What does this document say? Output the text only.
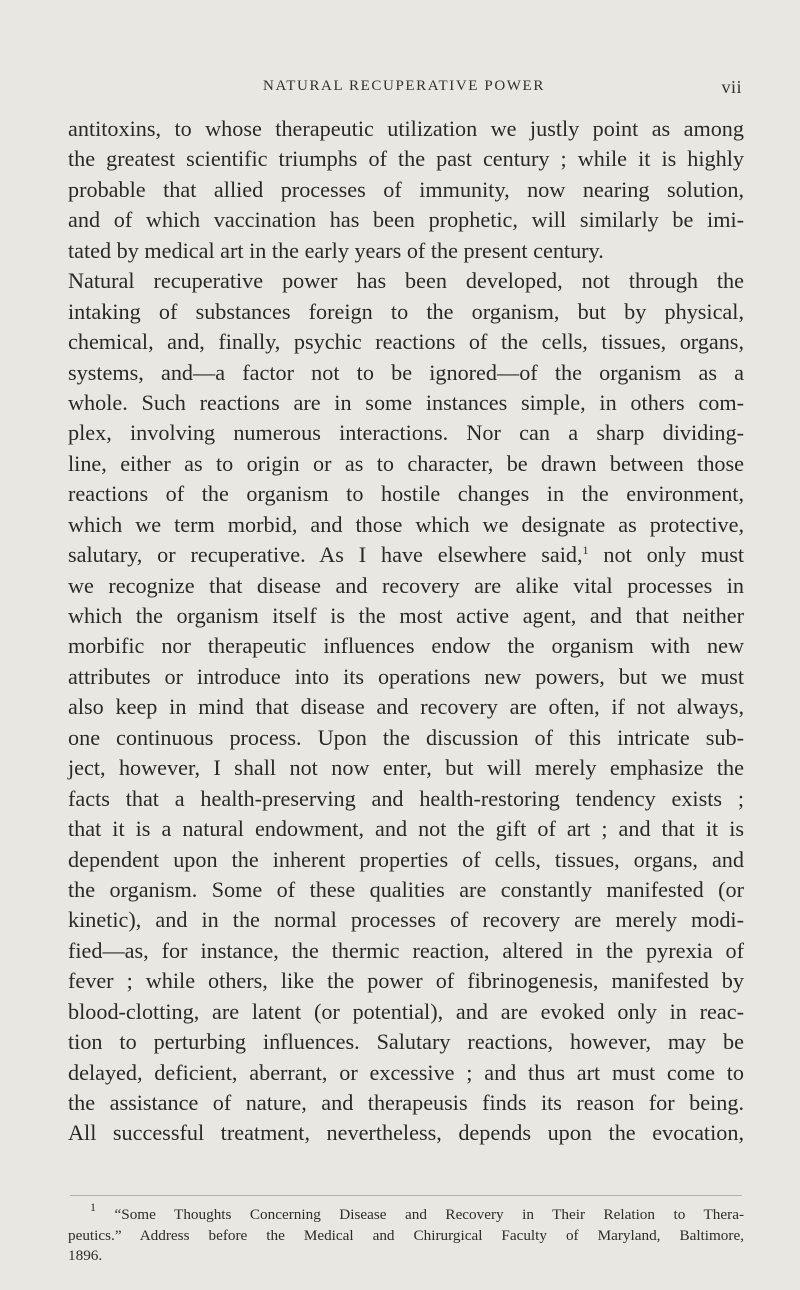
NATURAL RECUPERATIVE POWER	vii
antitoxins, to whose therapeutic utilization we justly point as among
the greatest scientific triumphs of the past century ; while it is highly
probable that allied processes of immunity, now nearing solution,
and of which vaccination has been prophetic, will similarly be imi-
tated by medical art in the early years of the present century.
Natural recuperative power has been developed, not through the
intaking of substances foreign to the organism, but by physical,
chemical, and, finally, psychic reactions of the cells, tissues, organs,
systems, and—a factor not to be ignored—of the organism as a
whole. Such reactions are in some instances simple, in others com-
plex, involving numerous interactions. Nor can a sharp dividing-
line, either as to origin or as to character, be drawn between those
reactions of the organism to hostile changes in the environment,
which we term morbid, and those which we designate as protective,
salutary, or recuperative. As I have elsewhere said,$^1$ not only must
we recognize that disease and recovery are alike vital processes in
which the organism itself is the most active agent, and that neither
morbific nor therapeutic influences endow the organism with new
attributes or introduce into its operations new powers, but we must
also keep in mind that disease and recovery are often, if not always,
one continuous process. Upon the discussion of this intricate sub-
ject, however, I shall not now enter, but will merely emphasize the
facts that a health-preserving and health-restoring tendency exists ;
that it is a natural endowment, and not the gift of art ; and that it is
dependent upon the inherent properties of cells, tissues, organs, and
the organism. Some of these qualities are constantly manifested (or
kinetic), and in the normal processes of recovery are merely modi-
fied—as, for instance, the thermic reaction, altered in the pyrexia of
fever ; while others, like the power of fibrinogenesis, manifested by
blood-clotting, are latent (or potential), and are evoked only in reac-
tion to perturbing influences. Salutary reactions, however, may be
delayed, deficient, aberrant, or excessive ; and thus art must come to
the assistance of nature, and therapeusis finds its reason for being.
All successful treatment, nevertheless, depends upon the evocation,
$^1$ “Some Thoughts Concerning Disease and Recovery in Their Relation to Thera-
peutics.” Address before the Medical and Chirurgical Faculty of Maryland, Baltimore,
1896.
